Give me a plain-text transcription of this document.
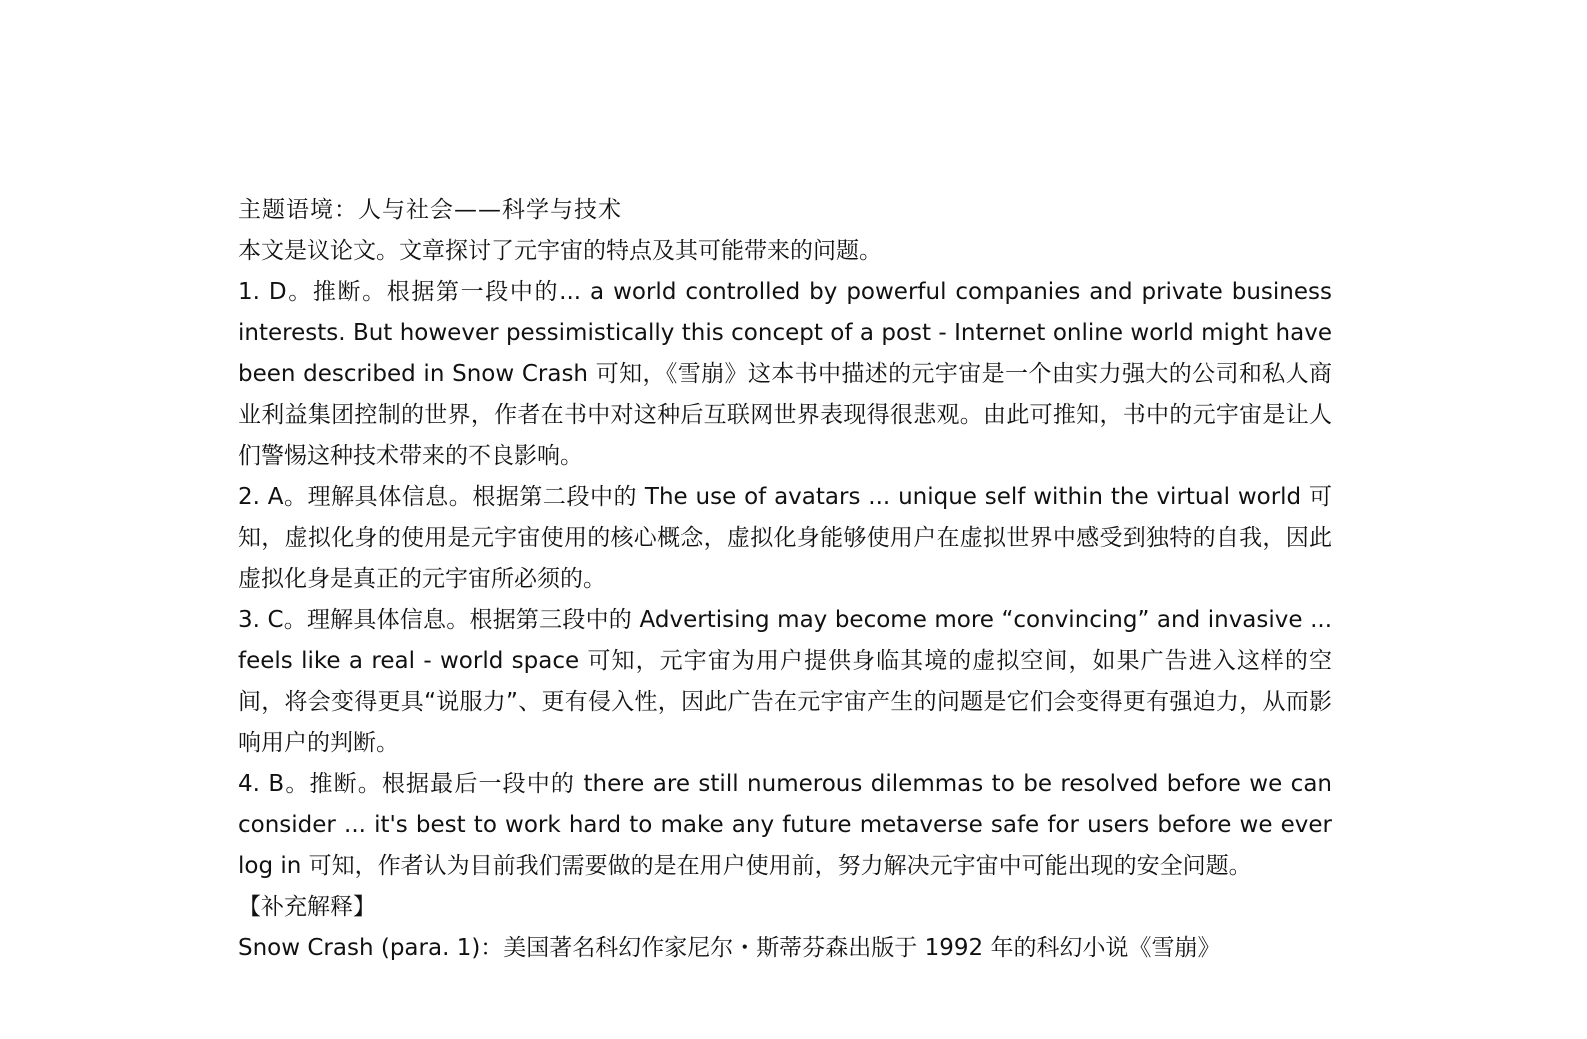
主题语境：人与社会——科学与技术

本文是议论文。文章探讨了元宇宙的特点及其可能带来的问题。

1. D。推断。根据第一段中的... a world controlled by powerful companies and private business interests. But however pessimistically this concept of a post - Internet online world might have been described in Snow Crash 可知，《雪崩》这本书中描述的元宇宙是一个由实力强大的公司和私人商业利益集团控制的世界，作者在书中对这种后互联网世界表现得很悲观。由此可推知，书中的元宇宙是让人们警惕这种技术带来的不良影响。

2. A。理解具体信息。根据第二段中的 The use of avatars ... unique self within the virtual world 可知，虚拟化身的使用是元宇宙使用的核心概念，虚拟化身能够使用户在虚拟世界中感受到独特的自我，因此虚拟化身是真正的元宇宙所必须的。

3. C。理解具体信息。根据第三段中的 Advertising may become more “convincing” and invasive ... feels like a real - world space 可知，元宇宙为用户提供身临其境的虚拟空间，如果广告进入这样的空间，将会变得更具“说服力”、更有侵入性，因此广告在元宇宙产生的问题是它们会变得更有强迫力，从而影响用户的判断。

4. B。推断。根据最后一段中的 there are still numerous dilemmas to be resolved before we can consider ... it's best to work hard to make any future metaverse safe for users before we ever log in 可知，作者认为目前我们需要做的是在用户使用前，努力解决元宇宙中可能出现的安全问题。

【补充解释】

Snow Crash (para. 1)：美国著名科幻作家尼尔・斯蒂芬森出版于 1992 年的科幻小说《雪崩》
